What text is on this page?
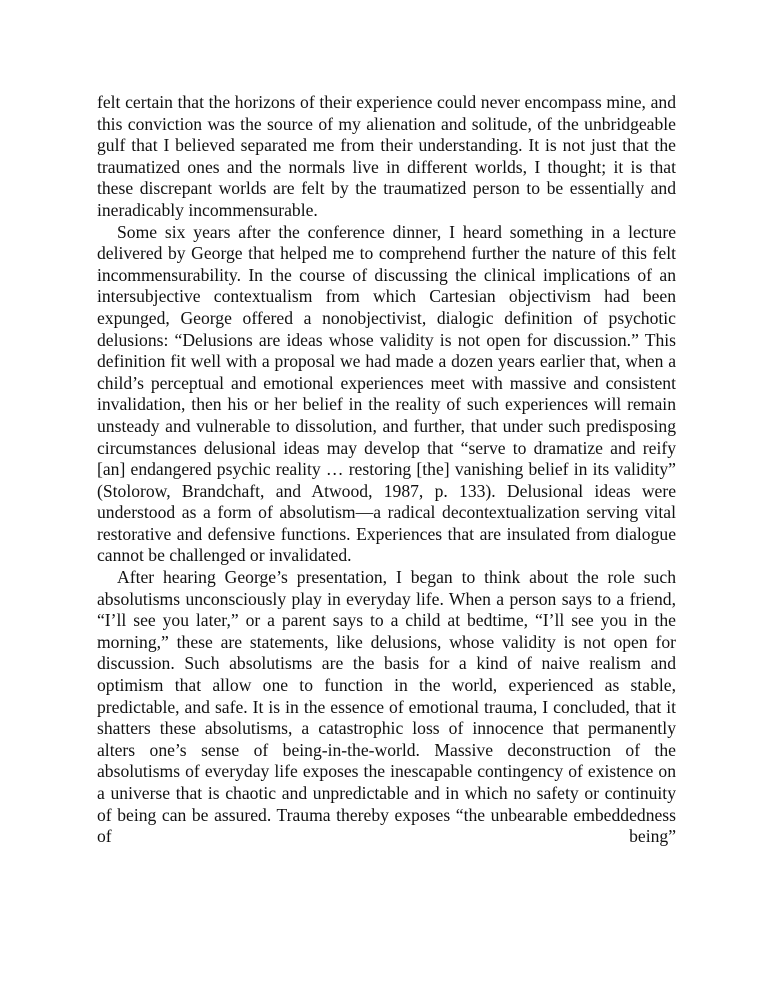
felt certain that the horizons of their experience could never encompass mine, and this conviction was the source of my alienation and solitude, of the unbridgeable gulf that I believed separated me from their understanding. It is not just that the traumatized ones and the normals live in different worlds, I thought; it is that these discrepant worlds are felt by the traumatized person to be essentially and ineradicably incommensurable.

Some six years after the conference dinner, I heard something in a lecture delivered by George that helped me to comprehend further the nature of this felt incommensurability. In the course of discussing the clinical implications of an intersubjective contextualism from which Cartesian objectivism had been expunged, George offered a nonobjectivist, dialogic definition of psychotic delusions: “Delusions are ideas whose validity is not open for discussion.” This definition fit well with a proposal we had made a dozen years earlier that, when a child’s perceptual and emotional experiences meet with massive and consistent invalidation, then his or her belief in the reality of such experiences will remain unsteady and vulnerable to dissolution, and further, that under such predisposing circumstances delusional ideas may develop that “serve to dramatize and reify [an] endangered psychic reality … restoring [the] vanishing belief in its validity” (Stolorow, Brandchaft, and Atwood, 1987, p. 133). Delusional ideas were understood as a form of absolutism—a radical decontextualization serving vital restorative and defensive functions. Experiences that are insulated from dialogue cannot be challenged or invalidated.

After hearing George’s presentation, I began to think about the role such absolutisms unconsciously play in everyday life. When a person says to a friend, “I’ll see you later,” or a parent says to a child at bedtime, “I’ll see you in the morning,” these are statements, like delusions, whose validity is not open for discussion. Such absolutisms are the basis for a kind of naive realism and optimism that allow one to function in the world, experienced as stable, predictable, and safe. It is in the essence of emotional trauma, I concluded, that it shatters these absolutisms, a catastrophic loss of innocence that permanently alters one’s sense of being-in-the-world. Massive deconstruction of the absolutisms of everyday life exposes the inescapable contingency of existence on a universe that is chaotic and unpredictable and in which no safety or continuity of being can be assured. Trauma thereby exposes “the unbearable embeddedness of being”
